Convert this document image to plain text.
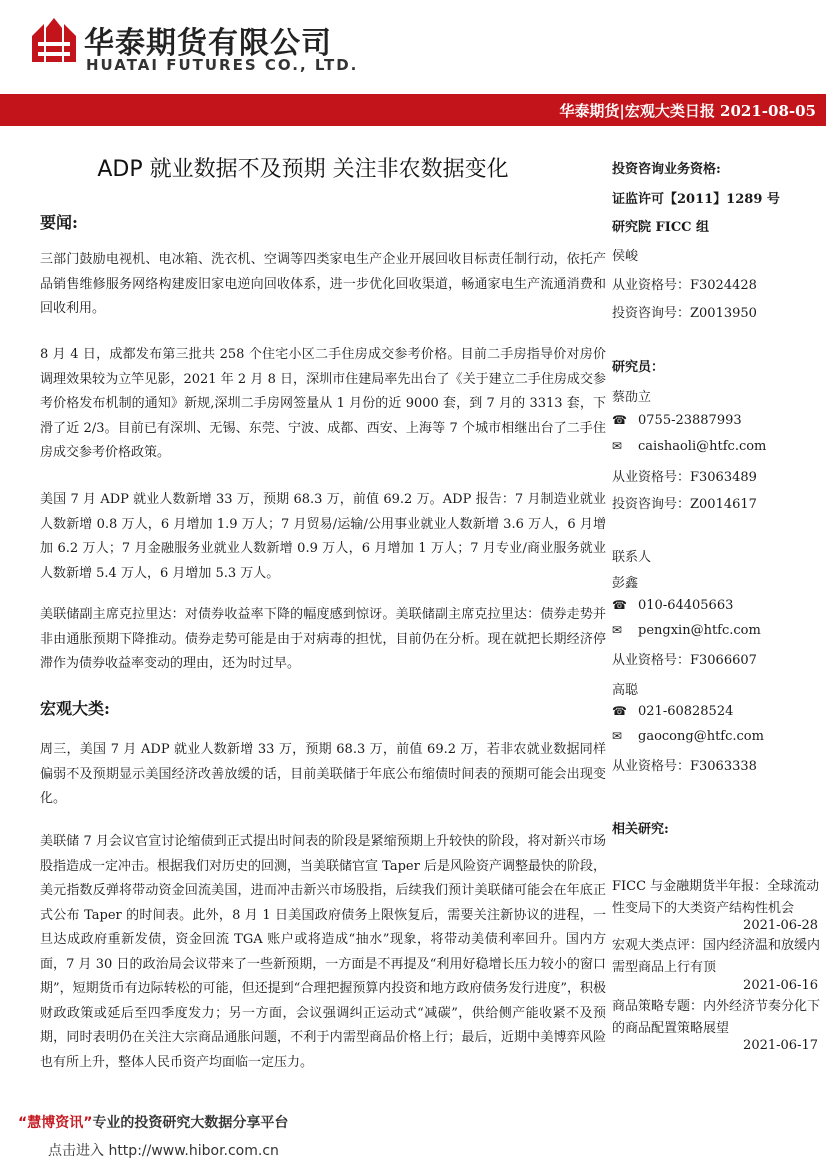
华泰期货有限公司
HUATAI FUTURES CO., LTD.
华泰期货|宏观大类日报 2021-08-05
ADP 就业数据不及预期 关注非农数据变化
要闻:
三部门鼓励电视机、电冰箱、洗衣机、空调等四类家电生产企业开展回收目标责任制行动，依托产品销售维修服务网络构建废旧家电逆向回收体系，进一步优化回收渠道，畅通家电生产流通消费和回收利用。
8 月 4 日，成都发布第三批共 258 个住宅小区二手住房成交参考价格。目前二手房指导价对房价调理效果较为立竿见影，2021 年 2 月 8 日，深圳市住建局率先出台了《关于建立二手住房成交参考价格发布机制的通知》新规,深圳二手房网签量从 1 月份的近 9000 套，到 7 月的 3313 套，下滑了近 2/3。目前已有深圳、无锡、东莞、宁波、成都、西安、上海等 7 个城市相继出台了二手住房成交参考价格政策。
美国 7 月 ADP 就业人数新增 33 万，预期 68.3 万，前值 69.2 万。ADP 报告：7 月制造业就业人数新增 0.8 万人，6 月增加 1.9 万人；7 月贸易/运输/公用事业就业人数新增 3.6 万人，6 月增加 6.2 万人；7 月金融服务业就业人数新增 0.9 万人，6 月增加 1 万人；7 月专业/商业服务就业人数新增 5.4 万人，6 月增加 5.3 万人。
美联储副主席克拉里达：对债券收益率下降的幅度感到惊讶。美联储副主席克拉里达：债券走势并非由通胀预期下降推动。债券走势可能是由于对病毒的担忧，目前仍在分析。现在就把长期经济停滞作为债券收益率变动的理由，还为时过早。
宏观大类:
周三，美国 7 月 ADP 就业人数新增 33 万，预期 68.3 万，前值 69.2 万，若非农就业数据同样偏弱不及预期显示美国经济改善放缓的话，目前美联储于年底公布缩债时间表的预期可能会出现变化。
美联储 7 月会议官宣讨论缩债到正式提出时间表的阶段是紧缩预期上升较快的阶段，将对新兴市场股指造成一定冲击。根据我们对历史的回测，当美联储官宣 Taper 后是风险资产调整最快的阶段，美元指数反弹将带动资金回流美国，进而冲击新兴市场股指，后续我们预计美联储可能会在年底正式公布 Taper 的时间表。此外，8 月 1 日美国政府债务上限恢复后，需要关注新协议的进程，一旦达成政府重新发债，资金回流 TGA 账户或将造成“抽水”现象，将带动美债利率回升。国内方面，7 月 30 日的政治局会议带来了一些新预期，一方面是不再提及“利用好稳增长压力较小的窗口期”，短期货币有边际转松的可能，但还提到“合理把握预算内投资和地方政府债务发行进度”，积极财政政策或延后至四季度发力；另一方面，会议强调纠正运动式“减碳”，供给侧产能收紧不及预期，同时表明仍在关注大宗商品通胀问题，不利于内需型商品价格上行；最后，近期中美博弈风险也有所上升，整体人民币资产均面临一定压力。
投资咨询业务资格:
证监许可【2011】1289 号
研究院 FICC 组
侯峻
从业资格号：F3024428
投资咨询号：Z0013950
研究员：
蔡劭立
☎ 0755-23887993
✉ caishaoli@htfc.com
从业资格号：F3063489
投资咨询号：Z0014617
联系人
彭鑫
☎ 010-64405663
✉ pengxin@htfc.com
从业资格号：F3066607
高聪
☎ 021-60828524
✉ gaocong@htfc.com
从业资格号：F3063338
相关研究:
FICC 与金融期货半年报：全球流动性变局下的大类资产结构性机会
2021-06-28
宏观大类点评：国内经济温和放缓内需型商品上行有顶
2021-06-16
商品策略专题：内外经济节奏分化下的商品配置策略展望
2021-06-17
“慧博资讯”专业的投资研究大数据分享平台
点击进入 http://www.hibor.com.cn
